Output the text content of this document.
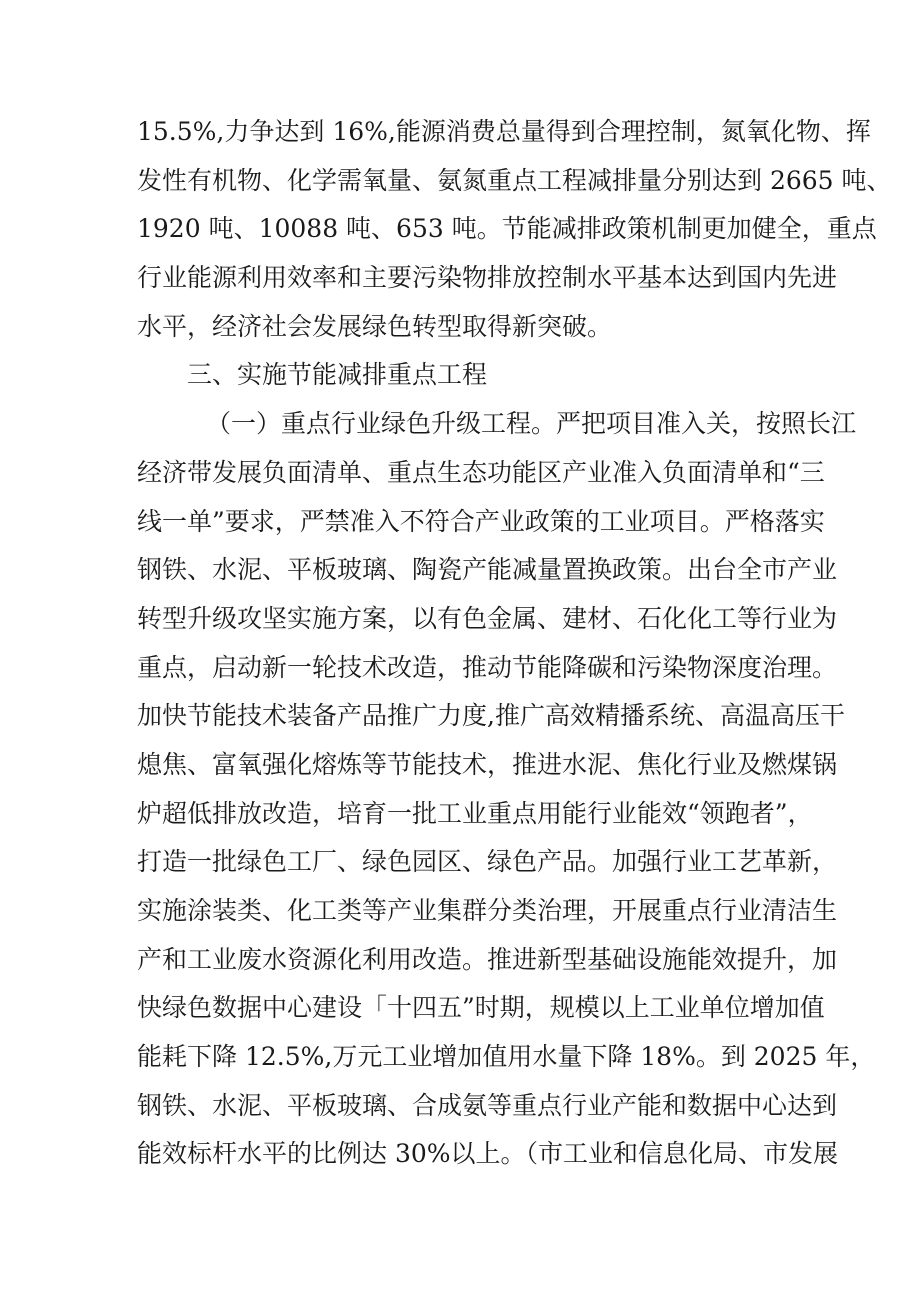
15.5%,力争达到 16%,能源消费总量得到合理控制，氮氧化物、挥
发性有机物、化学需氧量、氨氮重点工程减排量分别达到 2665 吨、
1920 吨、10088 吨、653 吨。节能减排政策机制更加健全，重点
行业能源利用效率和主要污染物排放控制水平基本达到国内先进
水平，经济社会发展绿色转型取得新突破。
三、实施节能减排重点工程
（一）重点行业绿色升级工程。严把项目准入关，按照长江
经济带发展负面清单、重点生态功能区产业准入负面清单和“三
线一单”要求，严禁准入不符合产业政策的工业项目。严格落实
钢铁、水泥、平板玻璃、陶瓷产能减量置换政策。出台全市产业
转型升级攻坚实施方案，以有色金属、建材、石化化工等行业为
重点，启动新一轮技术改造，推动节能降碳和污染物深度治理。
加快节能技术装备产品推广力度,推广高效精播系统、高温高压干
熄焦、富氧强化熔炼等节能技术，推进水泥、焦化行业及燃煤锅
炉超低排放改造，培育一批工业重点用能行业能效“领跑者”，
打造一批绿色工厂、绿色园区、绿色产品。加强行业工艺革新，
实施涂装类、化工类等产业集群分类治理，开展重点行业清洁生
产和工业废水资源化利用改造。推进新型基础设施能效提升，加
快绿色数据中心建设「十四五”时期，规模以上工业单位增加值
能耗下降 12.5%,万元工业增加值用水量下降 18%。到 2025 年，
钢铁、水泥、平板玻璃、合成氨等重点行业产能和数据中心达到
能效标杆水平的比例达 30%以上。（市工业和信息化局、市发展
